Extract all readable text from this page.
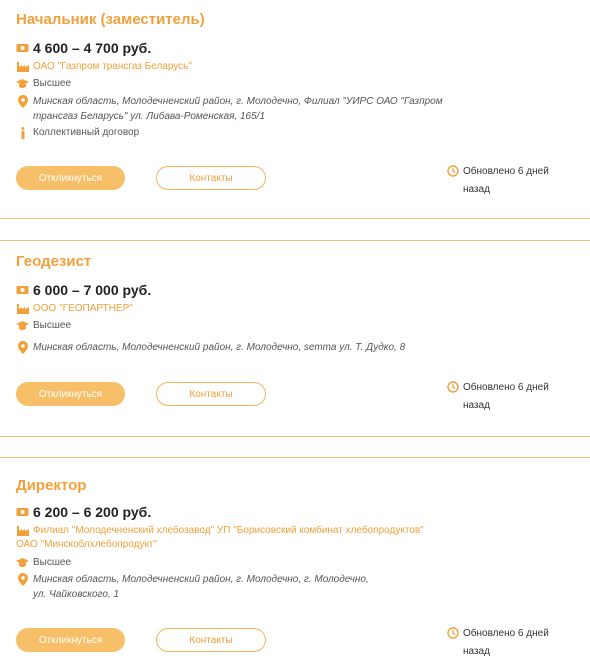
Начальник (заместитель)
4 600 – 4 700 руб.
ОАО "Газпром трансгаз Беларусь"
Высшее
Минская область, Молодечненский район, г. Молодечно, Филиал "УИРС ОАО "Газпром трансгаз Беларусь" ул. Либава-Роменская, 165/1
Коллективный договор
Откликнуться	Контакты
Обновлено 6 дней назад
Геодезист
6 000 – 7 000 руб.
ООО "ГЕОПАРТНЕР"
Высшее
Минская область, Молодечненский район, г. Молодечно, ѕетта ул. Т. Дудко, 8
Откликнуться	Контакты
Обновлено 6 дней назад
Директор
6 200 – 6 200 руб.
Филиал "Молодечненский хлебозавод" УП "Борисовский комбинат хлебопродуктов"
ОАО "Минскоблхлебопродукт"
Высшее
Минская область, Молодечненский район, г. Молодечно, г. Молодечно, ул. Чайковского, 1
Откликнуться	Контакты
Обновлено 6 дней назад
